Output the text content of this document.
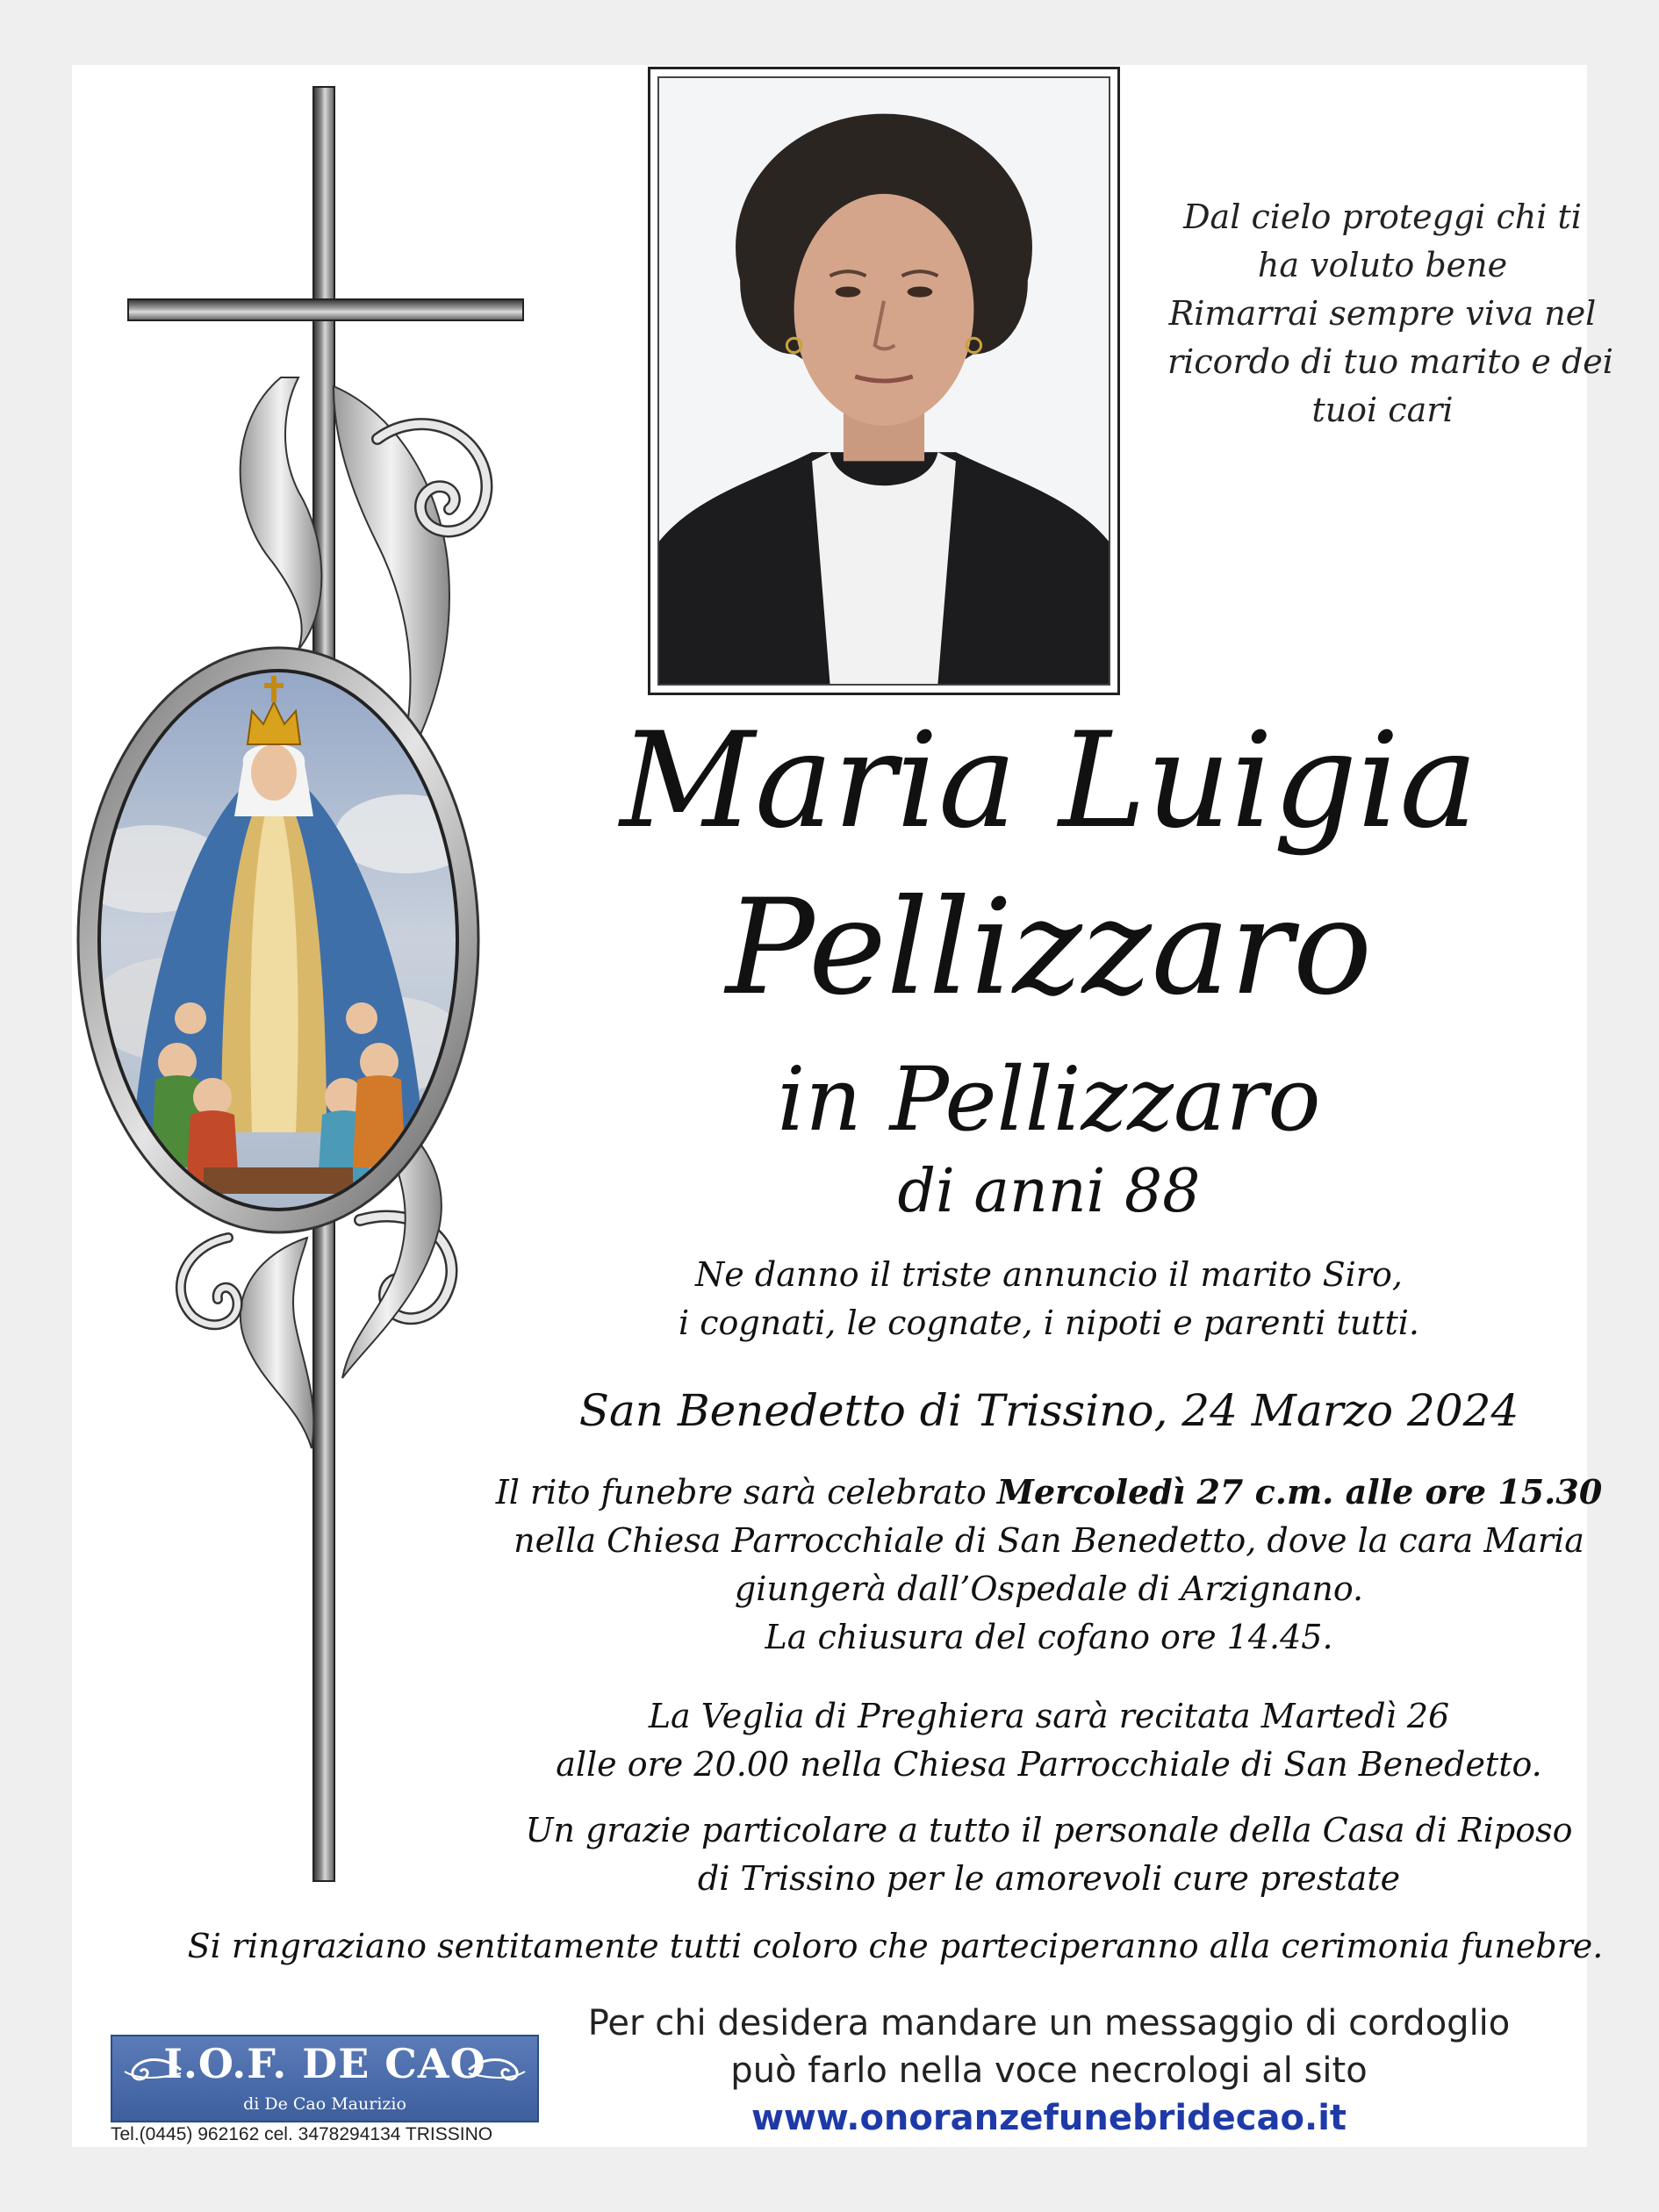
Dal cielo proteggi chi ti
ha voluto bene
Rimarrai sempre viva nel
ricordo di tuo marito e dei
tuoi cari
Maria Luigia
Pellizzaro
in Pellizzaro
di anni 88
Ne danno il triste annuncio il marito Siro,
i cognati, le cognate, i nipoti e parenti tutti.
San Benedetto di Trissino, 24 Marzo 2024
Il rito funebre sarà celebrato Mercoledì 27 c.m. alle ore 15.30
nella Chiesa Parrocchiale di San Benedetto, dove la cara Maria
giungerà dall’Ospedale di Arzignano.
La chiusura del cofano ore 14.45.
La Veglia di Preghiera sarà recitata Martedì 26
alle ore 20.00 nella Chiesa Parrocchiale di San Benedetto.
Un grazie particolare a tutto il personale della Casa di Riposo
di Trissino per le amorevoli cure prestate
Si ringraziano sentitamente tutti coloro che parteciperanno alla cerimonia funebre.
Per chi desidera mandare un messaggio di cordoglio
può farlo nella voce necrologi al sito
www.onoranzefunebridecao.it
I.O.F. DE CAO
di De Cao Maurizio
Tel.(0445) 962162 cel. 3478294134 TRISSINO
